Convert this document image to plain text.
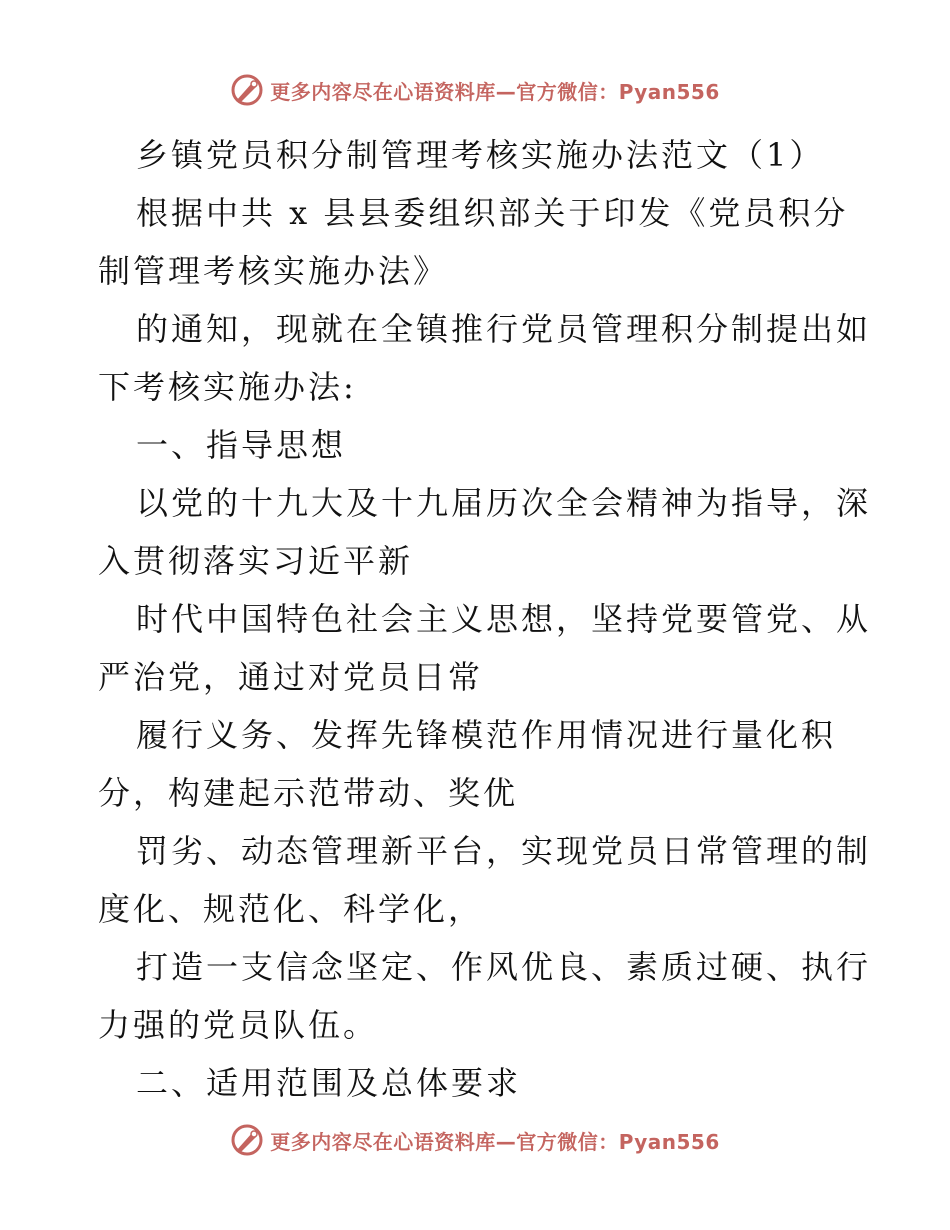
更多内容尽在心语资料库—官方微信：Pyan556
乡镇党员积分制管理考核实施办法范文（1）
根据中共 x 县县委组织部关于印发《党员积分
制管理考核实施办法》
的通知，现就在全镇推行党员管理积分制提出如
下考核实施办法:
一、指导思想
以党的十九大及十九届历次全会精神为指导，深
入贯彻落实习近平新
时代中国特色社会主义思想，坚持党要管党、从
严治党，通过对党员日常
履行义务、发挥先锋模范作用情况进行量化积
分，构建起示范带动、奖优
罚劣、动态管理新平台，实现党员日常管理的制
度化、规范化、科学化，
打造一支信念坚定、作风优良、素质过硬、执行
力强的党员队伍。
二、适用范围及总体要求
更多内容尽在心语资料库—官方微信：Pyan556
